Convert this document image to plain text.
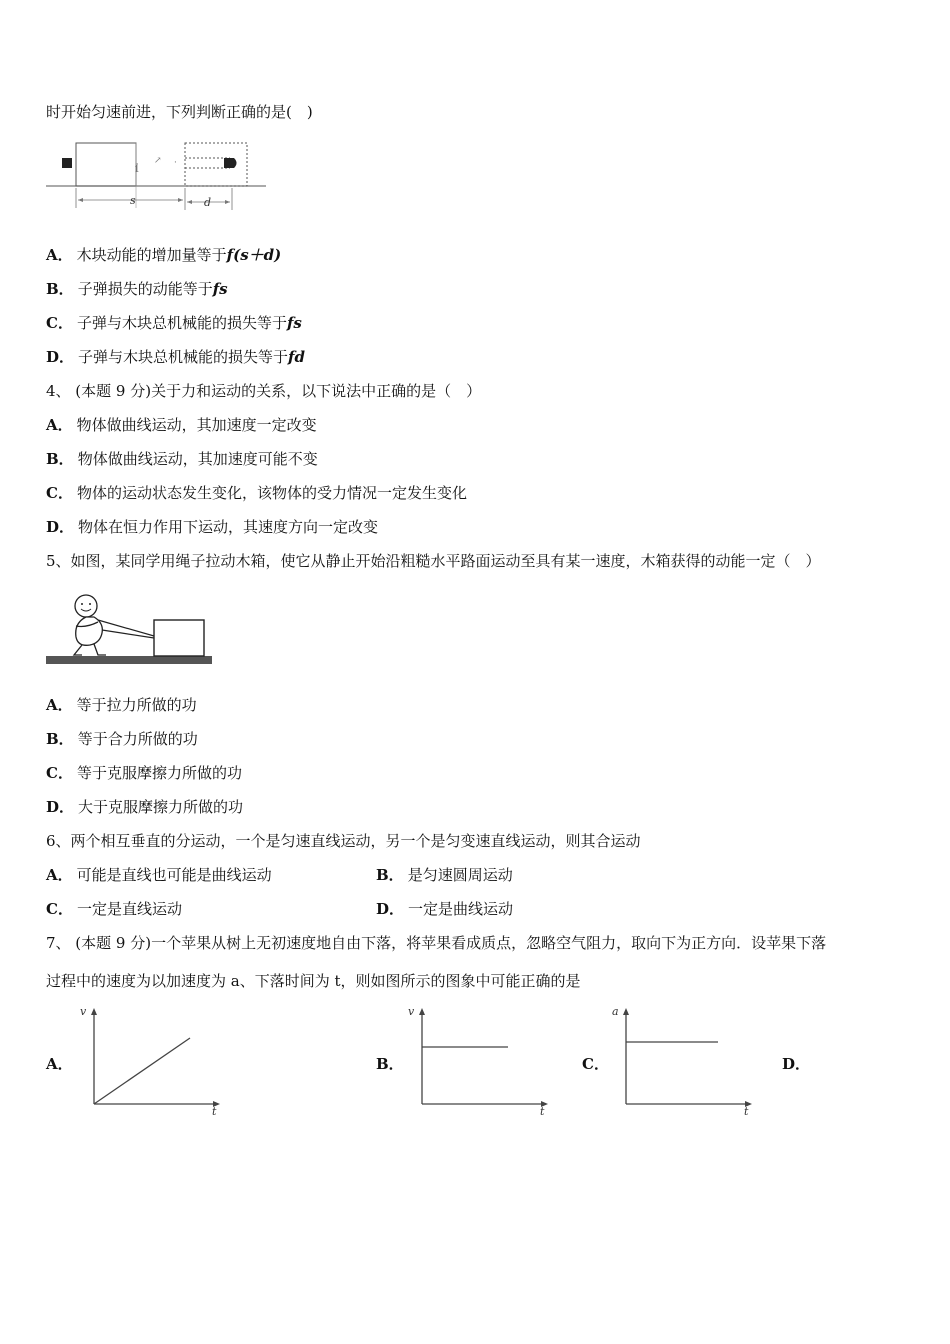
时开始匀速前进，下列判断正确的是(　)
1
↗ ·
s	d
A． 木块动能的增加量等于f(s＋d)
B． 子弹损失的动能等于fs
C． 子弹与木块总机械能的损失等于fs
D． 子弹与木块总机械能的损失等于fd
4、 (本题 9 分)关于力和运动的关系，以下说法中正确的是（　）
A． 物体做曲线运动，其加速度一定改变
B． 物体做曲线运动，其加速度可能不变
C． 物体的运动状态发生变化，该物体的受力情况一定发生变化
D． 物体在恒力作用下运动，其速度方向一定改变
5、如图，某同学用绳子拉动木箱，使它从静止开始沿粗糙水平路面运动至具有某一速度，木箱获得的动能一定（　）
A． 等于拉力所做的功
B． 等于合力所做的功
C． 等于克服摩擦力所做的功
D． 大于克服摩擦力所做的功
6、两个相互垂直的分运动，一个是匀速直线运动，另一个是匀变速直线运动，则其合运动
A． 可能是直线也可能是曲线运动	B． 是匀速圆周运动
C． 一定是直线运动	D． 一定是曲线运动
7、 (本题 9 分)一个苹果从树上无初速度地自由下落，将苹果看成质点，忽略空气阻力，取向下为正方向．设苹果下落
过程中的速度为以加速度为 a、下落时间为 t，则如图所示的图象中可能正确的是
A．
v
t
B．
v
t
C．
a
t
D．
